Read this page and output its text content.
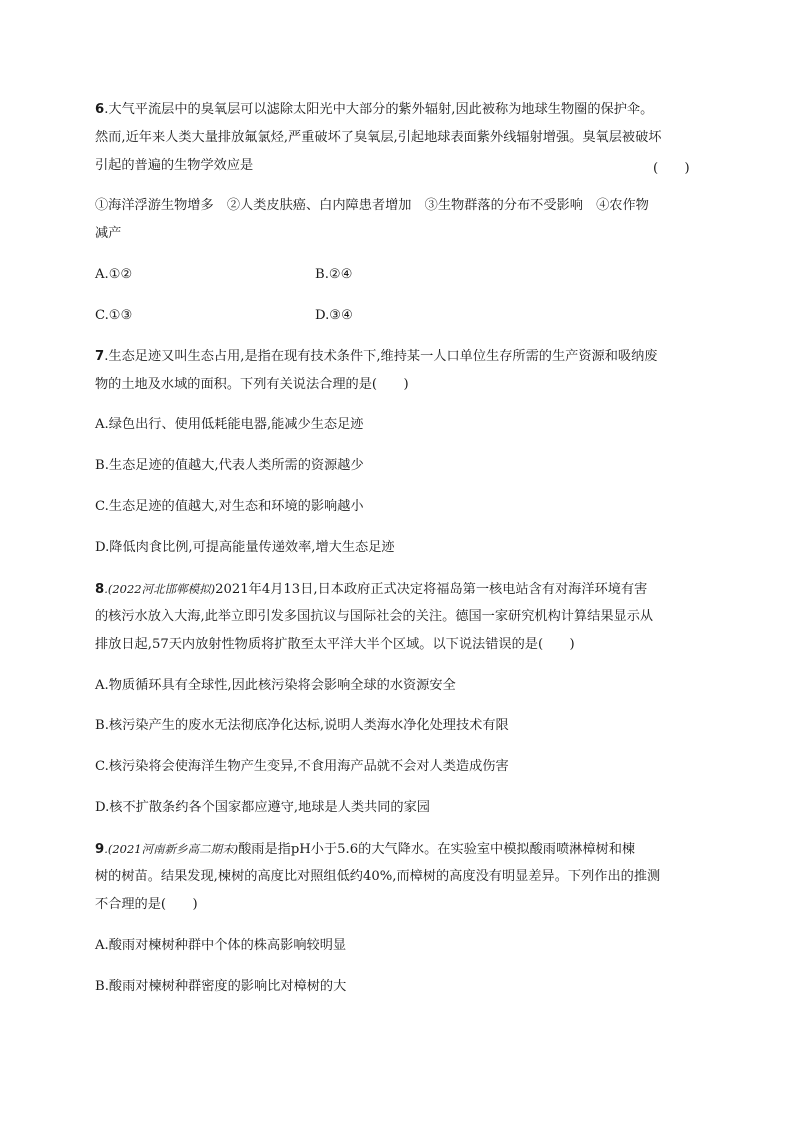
6.大气平流层中的臭氧层可以滤除太阳光中大部分的紫外辐射,因此被称为地球生物圈的保护伞。
然而,近年来人类大量排放氟氯烃,严重破坏了臭氧层,引起地球表面紫外线辐射增强。臭氧层被破坏
引起的普遍的生物学效应是	(　　)
①海洋浮游生物增多　②人类皮肤癌、白内障患者增加　③生物群落的分布不受影响　④农作物
减产
A.①②	B.②④
C.①③	D.③④
7.生态足迹又叫生态占用,是指在现有技术条件下,维持某一人口单位生存所需的生产资源和吸纳废
物的土地及水域的面积。下列有关说法合理的是(　　)
A.绿色出行、使用低耗能电器,能减少生态足迹
B.生态足迹的值越大,代表人类所需的资源越少
C.生态足迹的值越大,对生态和环境的影响越小
D.降低肉食比例,可提高能量传递效率,增大生态足迹
8.(2022河北邯郸模拟)2021年4月13日,日本政府正式决定将福岛第一核电站含有对海洋环境有害
的核污水放入大海,此举立即引发多国抗议与国际社会的关注。德国一家研究机构计算结果显示从
排放日起,57天内放射性物质将扩散至太平洋大半个区域。以下说法错误的是(　　)
A.物质循环具有全球性,因此核污染将会影响全球的水资源安全
B.核污染产生的废水无法彻底净化达标,说明人类海水净化处理技术有限
C.核污染将会使海洋生物产生变异,不食用海产品就不会对人类造成伤害
D.核不扩散条约各个国家都应遵守,地球是人类共同的家园
9.(2021河南新乡高二期末)酸雨是指pH小于5.6的大气降水。在实验室中模拟酸雨喷淋樟树和楝
树的树苗。结果发现,楝树的高度比对照组低约40%,而樟树的高度没有明显差异。下列作出的推测
不合理的是(　　)
A.酸雨对楝树种群中个体的株高影响较明显
B.酸雨对楝树种群密度的影响比对樟树的大
